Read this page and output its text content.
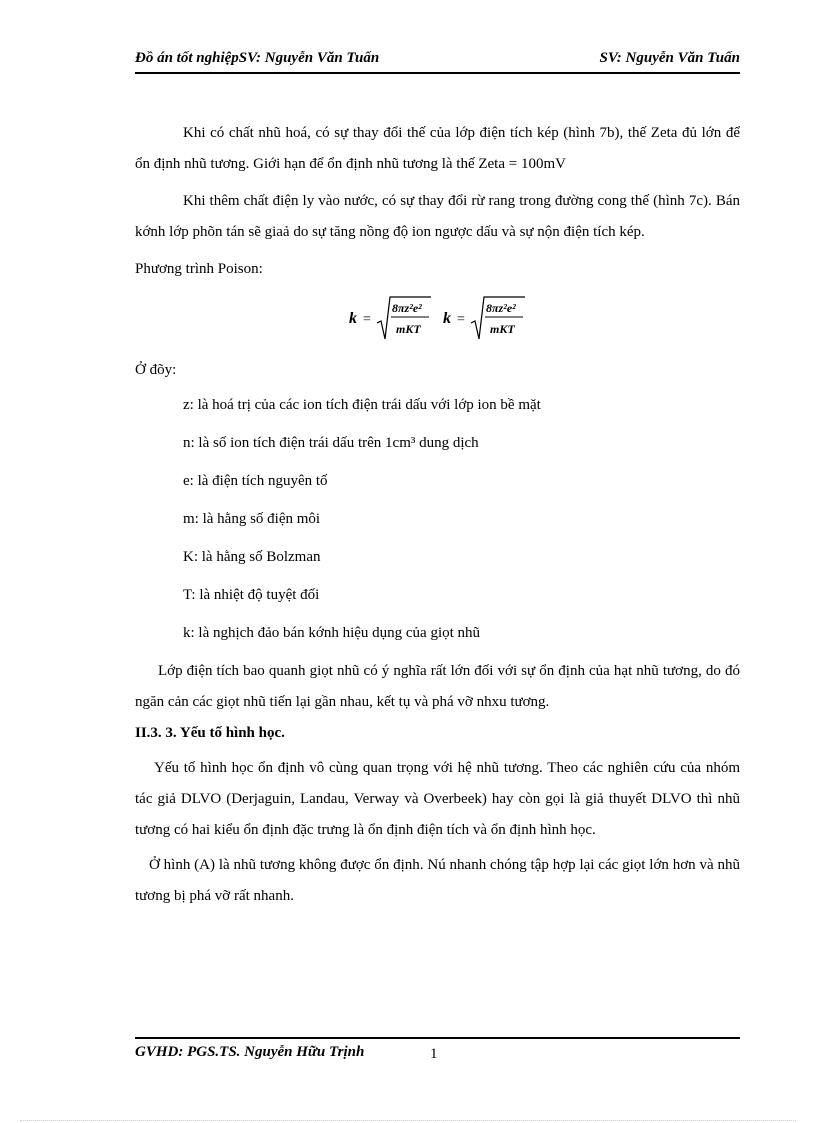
Đồ án tốt nghiệpSV: Nguyễn Văn Tuấn	SV: Nguyễn Văn Tuấn

Khi có chất nhũ hoá, có sự thay đổi thế của lớp điện tích kép (hình 7b), thế Zeta đủ lớn để ổn định nhũ tương. Giới hạn để ổn định nhũ tương là thế Zeta = 100mV

Khi thêm chất điện ly vào nước, có sự thay đổi rừ rang trong đường cong thế (hình 7c). Bán kớnh lớp phõn tán sẽ giaả do sự tăng nồng độ ion ngược dấu và sự nộn điện tích kép.

Phương trình Poison:

k =
8πz²e²
mKT
k =
8πz²e²
mKT

Ở đõy:

z: là hoá trị của các ion tích điện trái dấu với lớp ion bề mặt
n: là số ion tích điện trái dấu trên 1cm³ dung dịch
e: là điện tích nguyên tố
m: là hằng số điện môi
K: là hằng số Bolzman
T: là nhiệt độ tuyệt đối
k: là nghịch đảo bán kớnh hiệu dụng của giọt nhũ

Lớp điện tích bao quanh giọt nhũ có ý nghĩa rất lớn đối với sự ổn định của hạt nhũ tương, do đó ngăn cản các giọt nhũ tiến lại gần nhau, kết tụ và phá vỡ nhxu tương.

II.3. 3. Yếu tố hình học.

Yếu tố hình học ổn định vô cùng quan trọng với hệ nhũ tương. Theo các nghiên cứu của nhóm tác giả DLVO (Derjaguin, Landau, Verway và Overbeek) hay còn gọi là giả thuyết DLVO thì nhũ tương có hai kiểu ổn định đặc trưng là ổn định điện tích và ổn định hình học.

Ở hình (A) là nhũ tương không được ổn định. Nú nhanh chóng tập hợp lại các giọt lớn hơn và nhũ tương bị phá vỡ rất nhanh.

GVHD: PGS.TS. Nguyễn Hữu Trịnh	1
